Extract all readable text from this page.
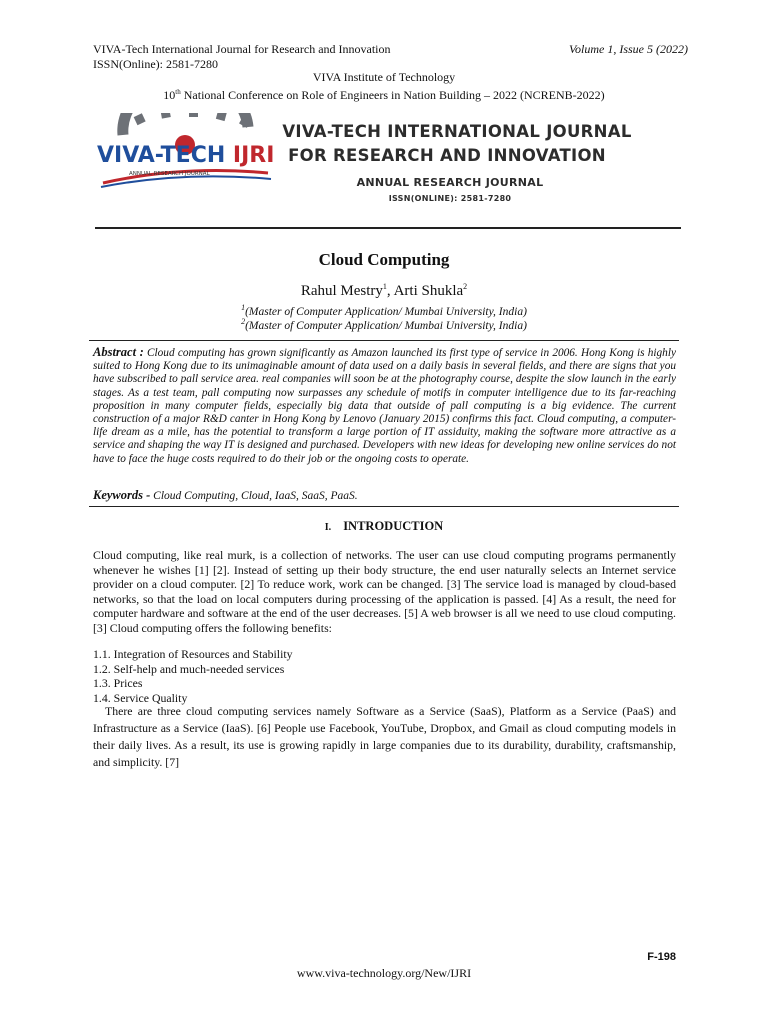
VIVA-Tech International Journal for Research and Innovation
ISSN(Online): 2581-7280
Volume 1, Issue 5 (2022)
VIVA Institute of Technology
10th National Conference on Role of Engineers in Nation Building – 2022 (NCRENB-2022)
VIVA-TECH IJRI
ANNUAL RESEARCH JOURNAL
VIVA-TECH INTERNATIONAL JOURNAL
FOR RESEARCH AND INNOVATION
ANNUAL RESEARCH JOURNAL
ISSN(ONLINE): 2581-7280
Cloud Computing
Rahul Mestry$^1$, Arti Shukla$^2$
$^1$(Master of Computer Application/ Mumbai University, India)
$^2$(Master of Computer Application/ Mumbai University, India)
Abstract : Cloud computing has grown significantly as Amazon launched its first type of service in 2006. Hong Kong is highly suited to Hong Kong due to its unimaginable amount of data used on a daily basis in several fields, and there are signs that you have subscribed to pall service area. real companies will soon be at the photography course, despite the slow launch in the early stages. As a test team, pall computing now surpasses any schedule of motifs in computer intelligence due to its far-reaching proposition in many computer fields, especially big data that outside of pall computing is a big evidence. The current construction of a major R&D canter in Hong Kong by Lenovo (January 2015) confirms this fact. Cloud computing, a computer-life dream as a mile, has the potential to transform a large portion of IT assiduity, making the software more attractive as a service and shaping the way IT is designed and purchased. Developers with new ideas for developing new online services do not have to face the huge costs required to do their job or the ongoing costs to operate.
Keywords - Cloud Computing, Cloud, IaaS, SaaS, PaaS.
I. INTRODUCTION
Cloud computing, like real murk, is a collection of networks. The user can use cloud computing programs permanently whenever he wishes [1] [2]. Instead of setting up their body structure, the end user naturally selects an Internet service provider on a cloud computer. [2] To reduce work, work can be changed. [3] The service load is managed by cloud-based networks, so that the load on local computers during processing of the application is passed. [4] As a result, the need for computer hardware and software at the end of the user decreases. [5] A web browser is all we need to use cloud computing. [3] Cloud computing offers the following benefits:
1.1. Integration of Resources and Stability
1.2. Self-help and much-needed services
1.3. Prices
1.4. Service Quality
There are three cloud computing services namely Software as a Service (SaaS), Platform as a Service (PaaS) and Infrastructure as a Service (IaaS). [6] People use Facebook, YouTube, Dropbox, and Gmail as cloud computing models in their daily lives. As a result, its use is growing rapidly in large companies due to its durability, durability, craftsmanship, and simplicity. [7]
F-198
www.viva-technology.org/New/IJRI
